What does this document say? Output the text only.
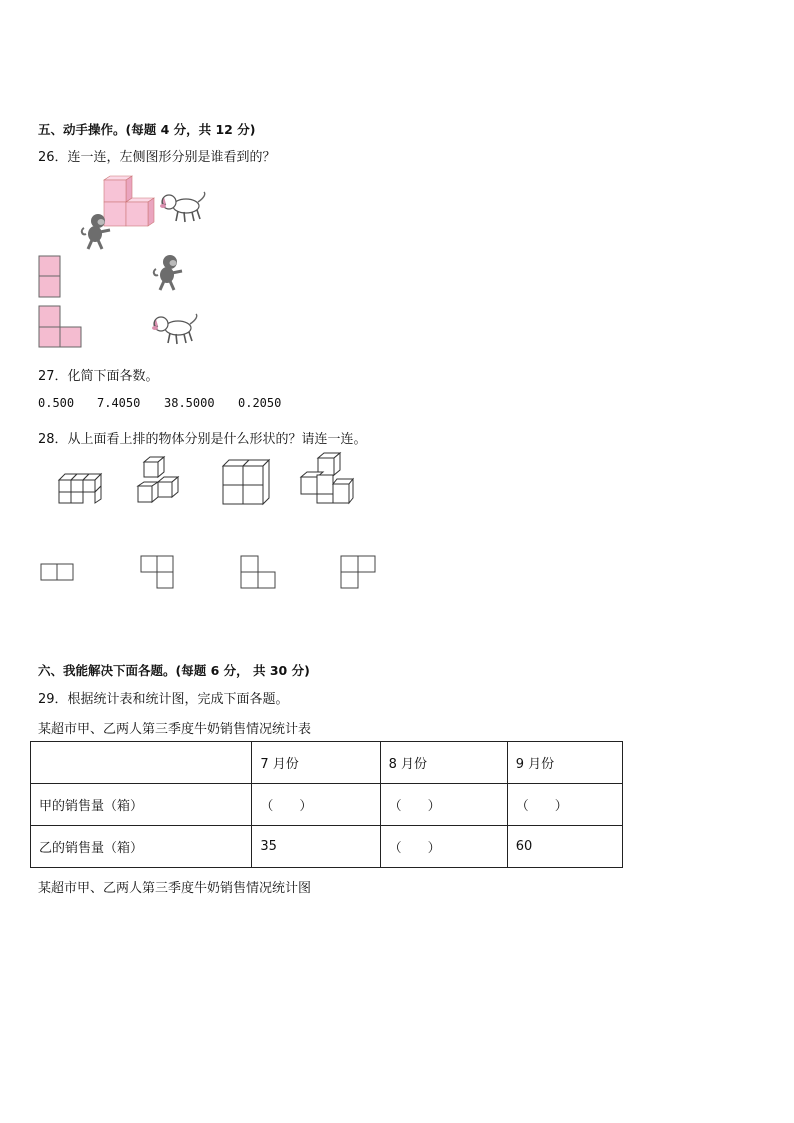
五、动手操作。(每题 4 分，共 12 分)
26．连一连，左侧图形分别是谁看到的？
27．化简下面各数。
0.500 7.4050 38.5000 0.2050
28．从上面看上排的物体分别是什么形状的？请连一连。
六、我能解决下面各题。(每题 6 分， 共 30 分)
29．根据统计表和统计图，完成下面各题。
某超市甲、乙两人第三季度牛奶销售情况统计表
	7 月份	8 月份	9 月份
甲的销售量（箱）	（　　）	（　　）	（　　）
乙的销售量（箱）	35	（　　）	60
某超市甲、乙两人第三季度牛奶销售情况统计图
